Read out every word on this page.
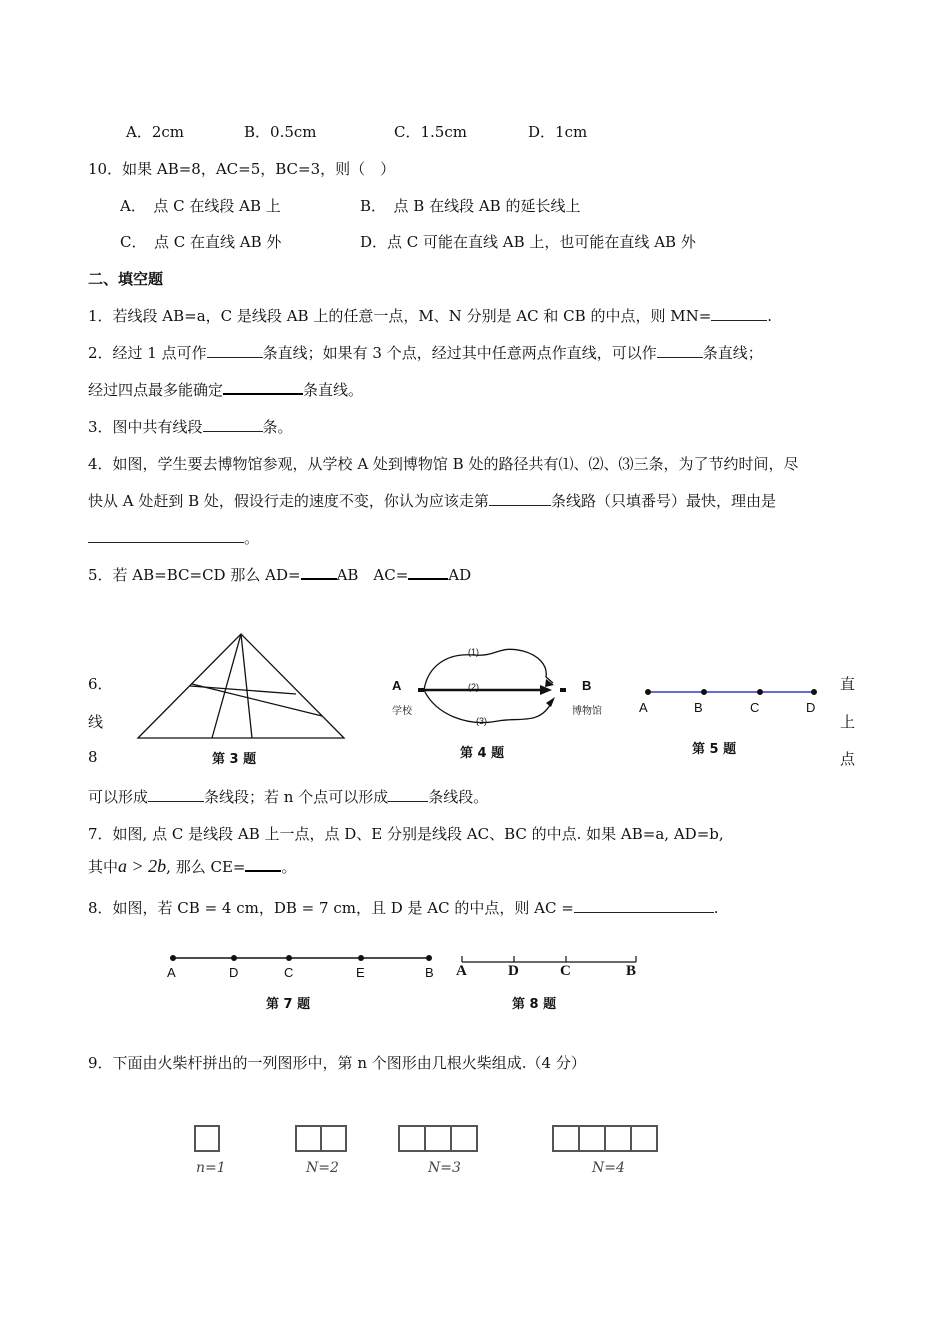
A．2cm	B．0.5cm	C．1.5cm	D．1cm
10．如果 AB=8，AC=5，BC=3，则（　）
A．　点 C 在线段 AB 上	B．　点 B 在线段 AB 的延长线上
C．　点 C 在直线 AB 外	D．点 C 可能在直线 AB 上，也可能在直线 AB 外
二、填空题
1．若线段 AB=a，C 是线段 AB 上的任意一点，M、N 分别是 AC 和 CB 的中点，则 MN=	.
2．经过 1 点可作	条直线；如果有 3 个点，经过其中任意两点作直线，可以作	条直线；
经过四点最多能确定	条直线。
3．图中共有线段	条。
4．如图，学生要去博物馆参观，从学校 A 处到博物馆 B 处的路径共有⑴、⑵、⑶三条，为了节约时间，尽
快从 A 处赶到 B 处，假设行走的速度不变，你认为应该走第	条线路（只填番号）最快，理由是
。
5．若 AB=BC=CD 那么 AD= AB　AC=	AD
6．
线
8
直
上
点
第 3 题
A	B
学校	博物馆
(1)
(2)
(3)
第 4 题
A	B	C	D
第 5 题
可以形成	条线段；若 n 个点可以形成	条线段。
7．如图, 点 C 是线段 AB 上一点，点 D、E 分别是线段 AC、BC 的中点. 如果 AB=a, AD=b,
其中a > 2b, 那么 CE= 。
8．如图，若 CB = 4 cm，DB = 7 cm，且 D 是 AC 的中点，则 AC =	.
A	D	C	E	B
第 7 题
A	D	C	B
第 8 题
9．下面由火柴杆拼出的一列图形中，第 n 个图形由几根火柴组成.（4 分）
n=1	N=2	N=3	N=4
